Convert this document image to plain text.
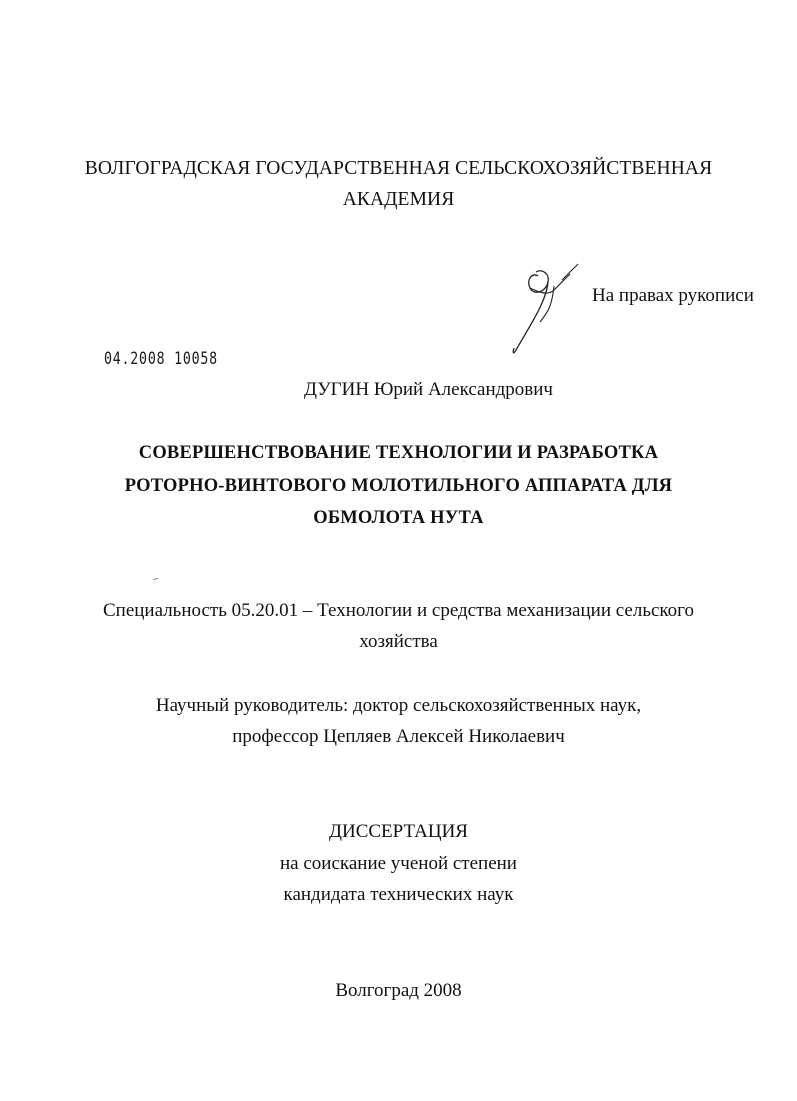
ВОЛГОГРАДСКАЯ ГОСУДАРСТВЕННАЯ СЕЛЬСКОХОЗЯЙСТВЕННАЯ
АКАДЕМИЯ
На правах рукописи
04.2008 10058
ДУГИН Юрий Александрович
СОВЕРШЕНСТВОВАНИЕ ТЕХНОЛОГИИ И РАЗРАБОТКА
РОТОРНО-ВИНТОВОГО МОЛОТИЛЬНОГО АППАРАТА ДЛЯ
ОБМОЛОТА НУТА
Специальность 05.20.01 – Технологии и средства механизации сельского
хозяйства
Научный руководитель: доктор сельскохозяйственных наук,
профессор Цепляев Алексей Николаевич
ДИССЕРТАЦИЯ
на соискание ученой степени
кандидата технических наук
Волгоград 2008
